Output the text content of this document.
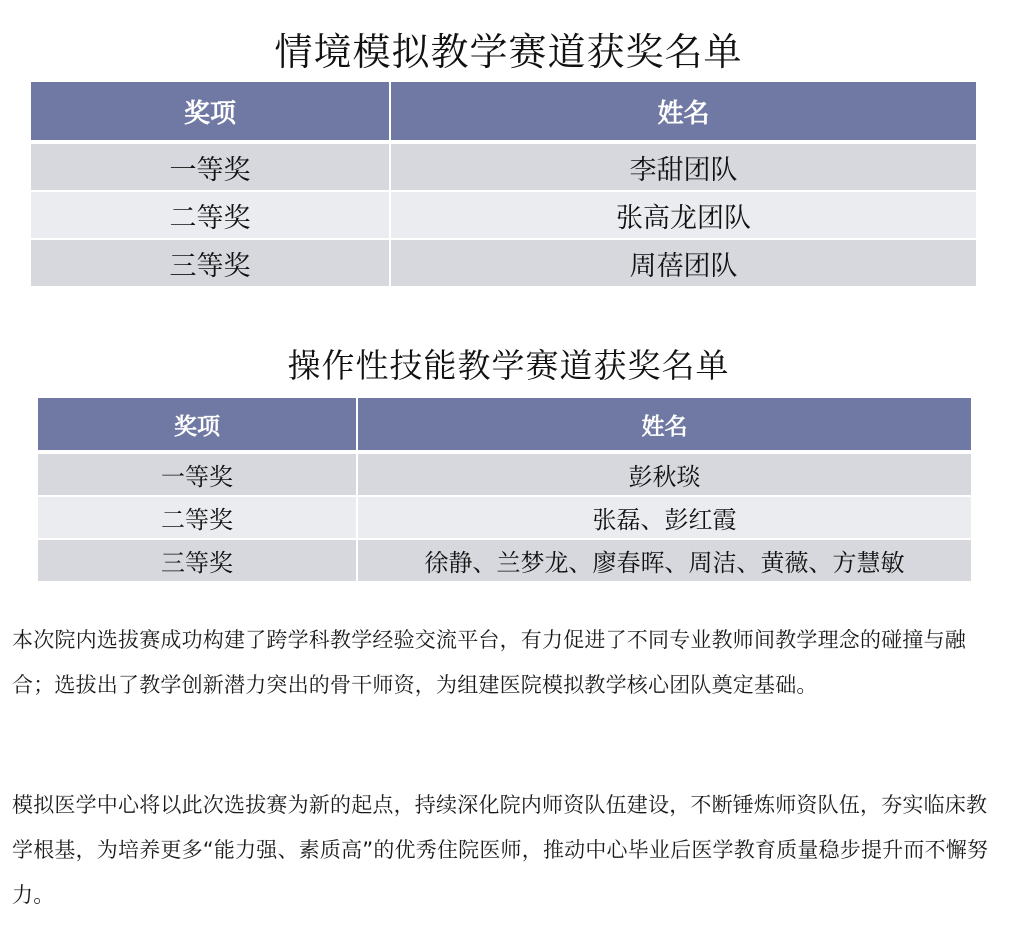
情境模拟教学赛道获奖名单
奖项	姓名
一等奖	李甜团队
二等奖	张高龙团队
三等奖	周蓓团队
操作性技能教学赛道获奖名单
奖项	姓名
一等奖	彭秋琰
二等奖	张磊、彭红霞
三等奖	徐静、兰梦龙、廖春晖、周洁、黄薇、方慧敏

本次院内选拔赛成功构建了跨学科教学经验交流平台，有力促进了不同专业教师间教学理念的碰撞与融合；选拔出了教学创新潜力突出的骨干师资，为组建医院模拟教学核心团队奠定基础。

模拟医学中心将以此次选拔赛为新的起点，持续深化院内师资队伍建设，不断锤炼师资队伍，夯实临床教学根基，为培养更多“能力强、素质高”的优秀住院医师，推动中心毕业后医学教育质量稳步提升而不懈努力。
